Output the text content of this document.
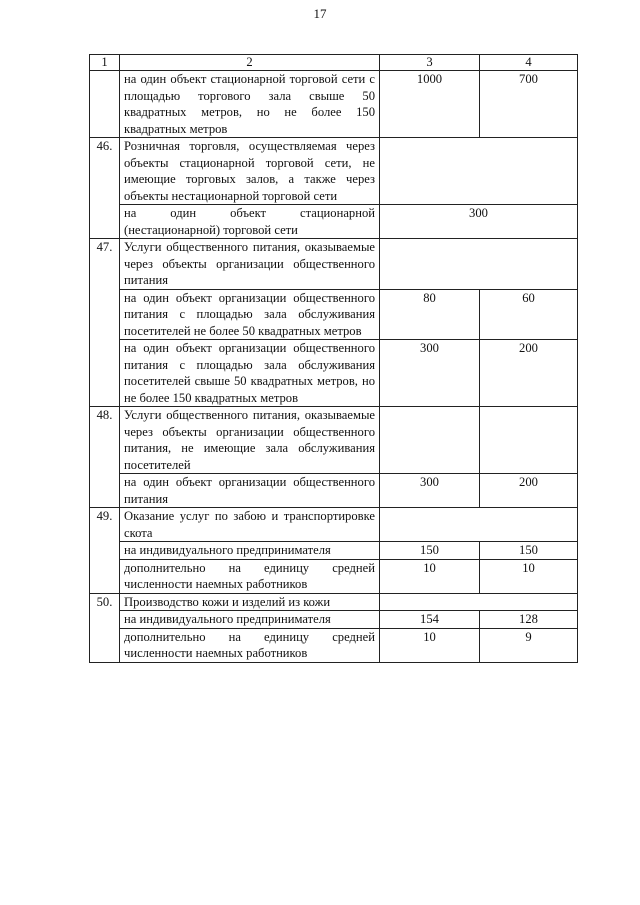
17
1	2	3	4
	на один объект стационарной торговой сети с площадью торгового зала свыше 50 квадратных метров, но не более 150 квадратных метров	1000	700
46.	Розничная торговля, осуществляемая через объекты стационарной торговой сети, не имеющие торговых залов, а также через объекты нестационарной торговой сети		
	на один объект стационарной (нестационарной) торговой сети	300	
47.	Услуги общественного питания, оказываемые через объекты организации общественного питания		
	на один объект организации общественного питания с площадью зала обслуживания посетителей не более 50 квадратных метров	80	60
	на один объект организации общественного питания с площадью зала обслуживания посетителей свыше 50 квадратных метров, но не более 150 квадратных метров	300	200
48.	Услуги общественного питания, оказываемые через объекты организации общественного питания, не имеющие зала обслуживания посетителей		
	на один объект организации общественного питания	300	200
49.	Оказание услуг по забою и транспортировке скота		
	на индивидуального предпринимателя	150	150
	дополнительно на единицу средней численности наемных работников	10	10
50.	Производство кожи и изделий из кожи		
	на индивидуального предпринимателя	154	128
	дополнительно на единицу средней численности наемных работников	10	9
